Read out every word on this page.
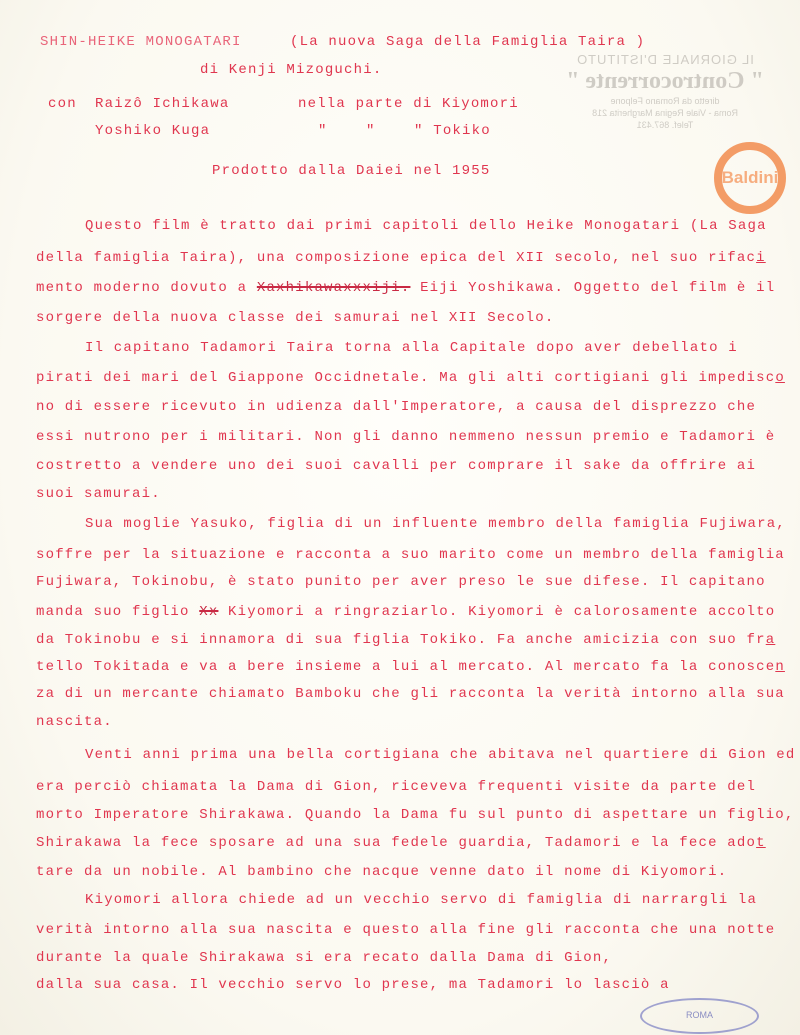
IL GIORNALE D'ISTITUTO
" Controcorrente "
diretto da Romano Felpone
Roma - Viale Regina Margherita 218
Telef. 867.431
SHIN-HEIKE MONOGATARI	(La nuova Saga della Famiglia Taira )
di Kenji Mizoguchi.
con Raizô Ichikawa	nella parte di Kiyomori
Yoshiko Kuga	"    "    " Tokiko
Prodotto dalla Daiei nel 1955
Questo film è tratto dai primi capitoli dello Heike Monogatari (La Saga
della famiglia Taira), una composizione epica del XII secolo, nel suo rifaci
mento moderno dovuto a Xaxhikawaxxxiji. Eiji Yoshikawa. Oggetto del film è il
sorgere della nuova classe dei samurai nel XII Secolo.
Il capitano Tadamori Taira torna alla Capitale dopo aver debellato i
pirati dei mari del Giappone Occidnetale. Ma gli alti cortigiani gli impedisco
no di essere ricevuto in udienza dall'Imperatore, a causa del disprezzo che
essi nutrono per i militari. Non gli danno nemmeno nessun premio e Tadamori è
costretto a vendere uno dei suoi cavalli per comprare il sake da offrire ai
suoi samurai.
Sua moglie Yasuko, figlia di un influente membro della famiglia Fujiwara,
soffre per la situazione e racconta a suo marito come un membro della famiglia
Fujiwara, Tokinobu, è stato punito per aver preso le sue difese. Il capitano
manda suo figlio Xx Kiyomori a ringraziarlo. Kiyomori è calorosamente accolto
da Tokinobu e si innamora di sua figlia Tokiko. Fa anche amicizia con suo fra
tello Tokitada e va a bere insieme a lui al mercato. Al mercato fa la conoscen
za di un mercante chiamato Bamboku che gli racconta la verità intorno alla sua
nascita.
Venti anni prima una bella cortigiana che abitava nel quartiere di Gion ed
era perciò chiamata la Dama di Gion, riceveva frequenti visite da parte del
morto Imperatore Shirakawa. Quando la Dama fu sul punto di aspettare un figlio,
Shirakawa la fece sposare ad una sua fedele guardia, Tadamori e la fece adot
tare da un nobile. Al bambino che nacque venne dato il nome di Kiyomori.
Kiyomori allora chiede ad un vecchio servo di famiglia di narrargli la
verità intorno alla sua nascita e questo alla fine gli racconta che una notte
durante la quale Shirakawa si era recato dalla Dama di Gion,
dalla sua casa. Il vecchio servo lo prese, ma Tadamori lo lasciò a
Baldini
ROMA
